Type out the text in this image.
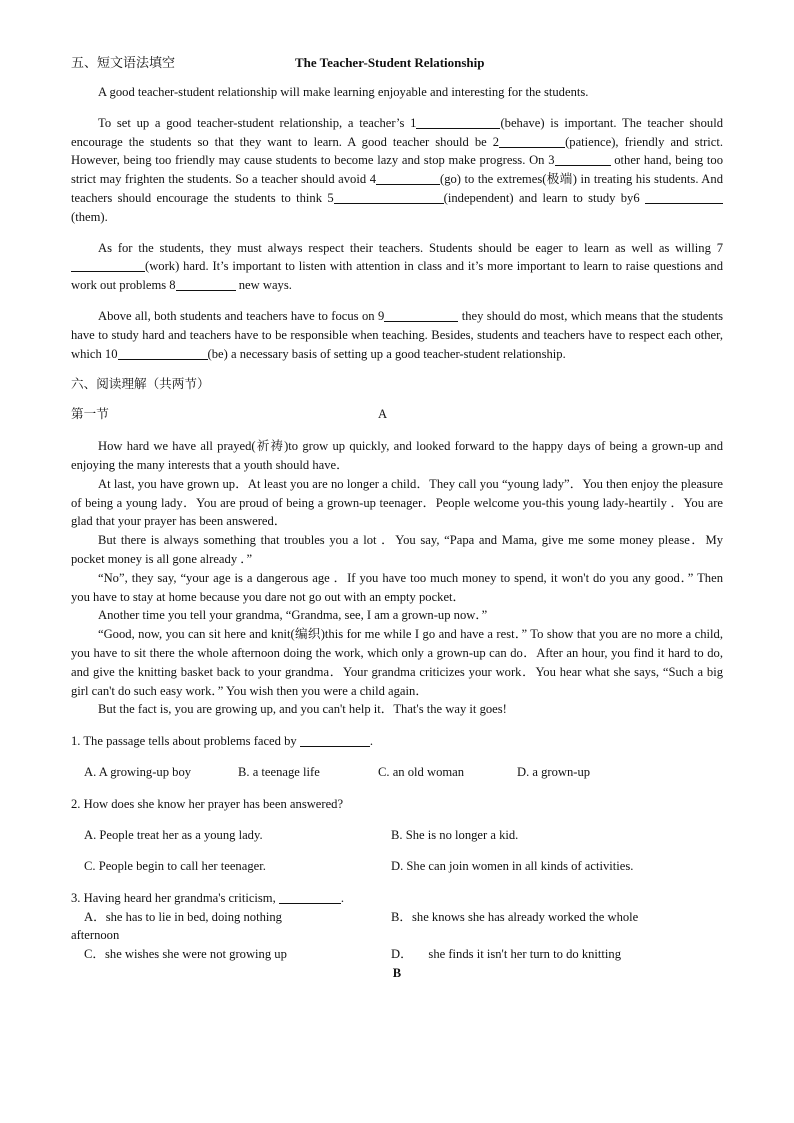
五、短文语法填空	The Teacher-Student Relationship

A good teacher-student relationship will make learning enjoyable and interesting for the students.

To set up a good teacher-student relationship, a teacher’s 1	(behave) is important. The teacher should encourage the students so that they want to learn. A good teacher should be 2	(patience), friendly and strict. However, being too friendly may cause students to become lazy and stop make progress. On 3	other hand, being too strict may frighten the students. So a teacher should avoid 4	(go) to the extremes(极端) in treating his students. And teachers should encourage the students to think 5	(independent) and learn to study by6 (them).

As for the students, they must always respect their teachers. Students should be eager to learn as well as willing 7(work) hard. It’s important to listen with attention in class and it’s more important to learn to raise questions and work out problems 8	new ways.

Above all, both students and teachers have to focus on 9	they should do most, which means that the students have to study hard and teachers have to be responsible when teaching. Besides, students and teachers have to respect each other, which 10	(be) a necessary basis of setting up a good teacher-student relationship.

六、阅读理解（共两节）

第一节	A

How hard we have all prayed(祈祷)to grow up quickly, and looked forward to the happy days of being a grown-up and enjoying the many interests that a youth should have．

At last, you have grown up．At least you are no longer a child．They call you “young lady”．You then enjoy the pleasure of being a young lady．You are proud of being a grown-up teenager．People welcome you-this young lady-heartily ．You are glad that your prayer has been answered．

But there is always something that troubles you a lot ．You say, “Papa and Mama, give me some money please．My pocket money is all gone already ．”

“No”, they say, “your age is a dangerous age ．If you have too much money to spend, it won't do you any good．” Then you have to stay at home because you dare not go out with an empty pocket．

Another time you tell your grandma, “Grandma, see, I am a grown-up now．”

“Good, now, you can sit here and knit(编织)this for me while I go and have a rest．” To show that you are no more a child, you have to sit there the whole afternoon doing the work, which only a grown-up can do．After an hour, you find it hard to do, and give the knitting basket back to your grandma．Your grandma criticizes your work．You hear what she says, “Such a big girl can't do such easy work．” You wish then you were a child again．

But the fact is, you are growing up, and you can't help it．That's the way it goes!

1. The passage tells about problems faced by	.

A. A growing-up boy	B. a teenage life	C. an old woman	D. a grown-up

2. How does she know her prayer has been answered?

A. People treat her as a young lady.	B. She is no longer a kid.
C. People begin to call her teenager.	D. She can join women in all kinds of activities.

3. Having heard her grandma's criticism,	.

A．she has to lie in bed, doing nothing	B．she knows she has already worked the whole

afternoon

C．she wishes she were not growing up	D．     she finds it isn't her turn to do knitting

B
